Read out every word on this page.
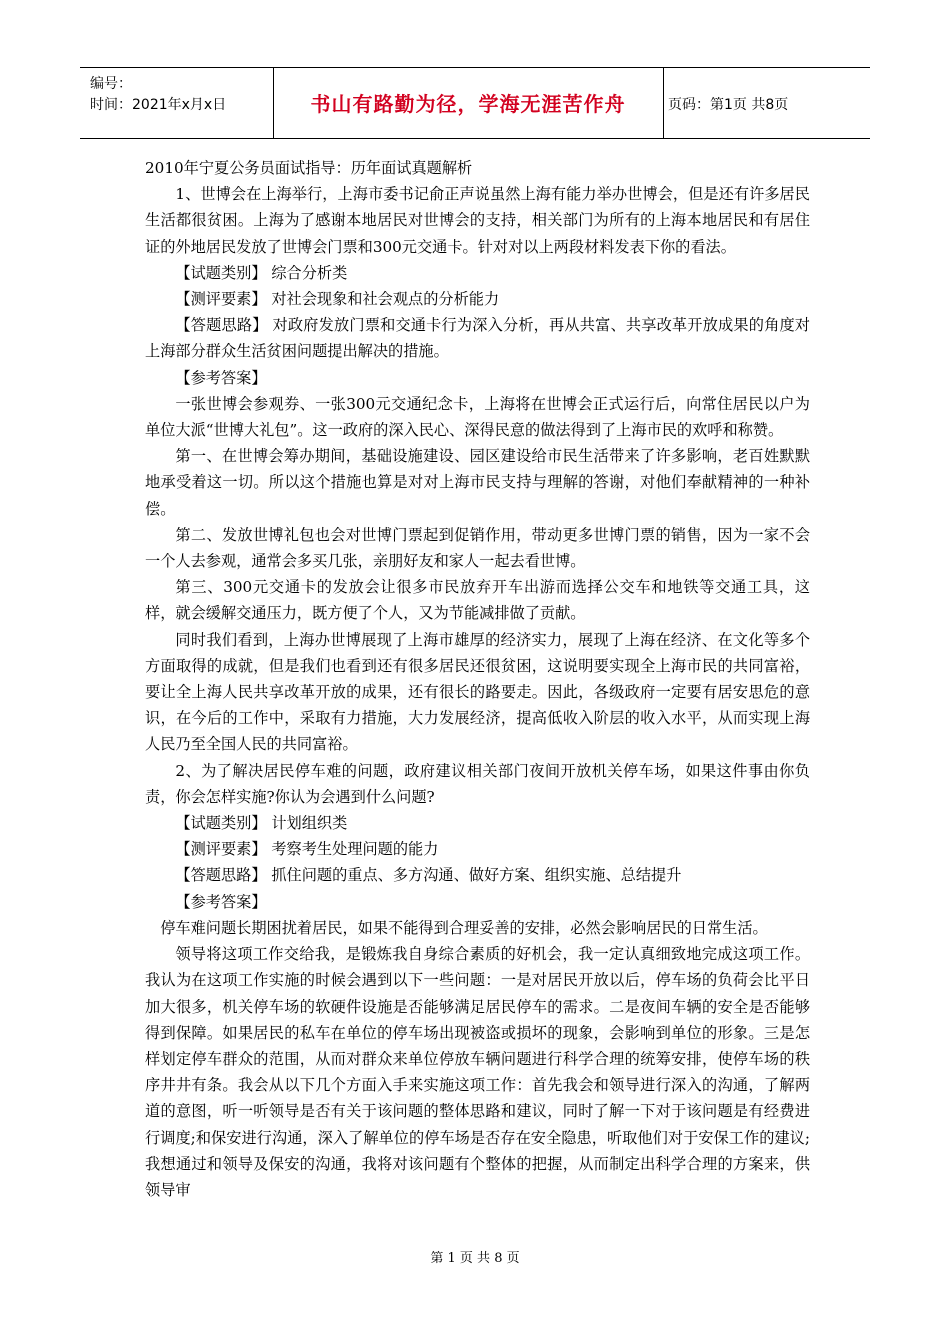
编号：
时间：2021年x月x日	书山有路勤为径，学海无涯苦作舟	页码：第1页 共8页

2010年宁夏公务员面试指导：历年面试真题解析

1、世博会在上海举行，上海市委书记俞正声说虽然上海有能力举办世博会，但是还有许多居民生活都很贫困。上海为了感谢本地居民对世博会的支持，相关部门为所有的上海本地居民和有居住证的外地居民发放了世博会门票和300元交通卡。针对对以上两段材料发表下你的看法。

【试题类别】 综合分析类

【测评要素】 对社会现象和社会观点的分析能力

【答题思路】 对政府发放门票和交通卡行为深入分析，再从共富、共享改革开放成果的角度对上海部分群众生活贫困问题提出解决的措施。

【参考答案】

一张世博会参观券、一张300元交通纪念卡，上海将在世博会正式运行后，向常住居民以户为单位大派“世博大礼包”。这一政府的深入民心、深得民意的做法得到了上海市民的欢呼和称赞。

第一、在世博会筹办期间，基础设施建设、园区建设给市民生活带来了许多影响，老百姓默默地承受着这一切。所以这个措施也算是对对上海市民支持与理解的答谢，对他们奉献精神的一种补偿。

第二、发放世博礼包也会对世博门票起到促销作用，带动更多世博门票的销售，因为一家不会一个人去参观，通常会多买几张，亲朋好友和家人一起去看世博。

第三、300元交通卡的发放会让很多市民放弃开车出游而选择公交车和地铁等交通工具，这样，就会缓解交通压力，既方便了个人，又为节能减排做了贡献。

同时我们看到，上海办世博展现了上海市雄厚的经济实力，展现了上海在经济、在文化等多个方面取得的成就，但是我们也看到还有很多居民还很贫困，这说明要实现全上海市民的共同富裕，要让全上海人民共享改革开放的成果，还有很长的路要走。因此，各级政府一定要有居安思危的意识，在今后的工作中，采取有力措施，大力发展经济，提高低收入阶层的收入水平，从而实现上海人民乃至全国人民的共同富裕。

2、为了解决居民停车难的问题，政府建议相关部门夜间开放机关停车场，如果这件事由你负责，你会怎样实施?你认为会遇到什么问题?

【试题类别】 计划组织类

【测评要素】 考察考生处理问题的能力

【答题思路】 抓住问题的重点、多方沟通、做好方案、组织实施、总结提升

【参考答案】

停车难问题长期困扰着居民，如果不能得到合理妥善的安排，必然会影响居民的日常生活。

领导将这项工作交给我，是锻炼我自身综合素质的好机会，我一定认真细致地完成这项工作。我认为在这项工作实施的时候会遇到以下一些问题：一是对居民开放以后，停车场的负荷会比平日加大很多，机关停车场的软硬件设施是否能够满足居民停车的需求。二是夜间车辆的安全是否能够得到保障。如果居民的私车在单位的停车场出现被盗或损坏的现象，会影响到单位的形象。三是怎样划定停车群众的范围，从而对群众来单位停放车辆问题进行科学合理的统筹安排，使停车场的秩序井井有条。我会从以下几个方面入手来实施这项工作：首先我会和领导进行深入的沟通，了解两道的意图，听一听领导是否有关于该问题的整体思路和建议，同时了解一下对于该问题是有经费进行调度;和保安进行沟通，深入了解单位的停车场是否存在安全隐患，听取他们对于安保工作的建议;我想通过和领导及保安的沟通，我将对该问题有个整体的把握，从而制定出科学合理的方案来，供领导审

第 1 页 共 8 页
